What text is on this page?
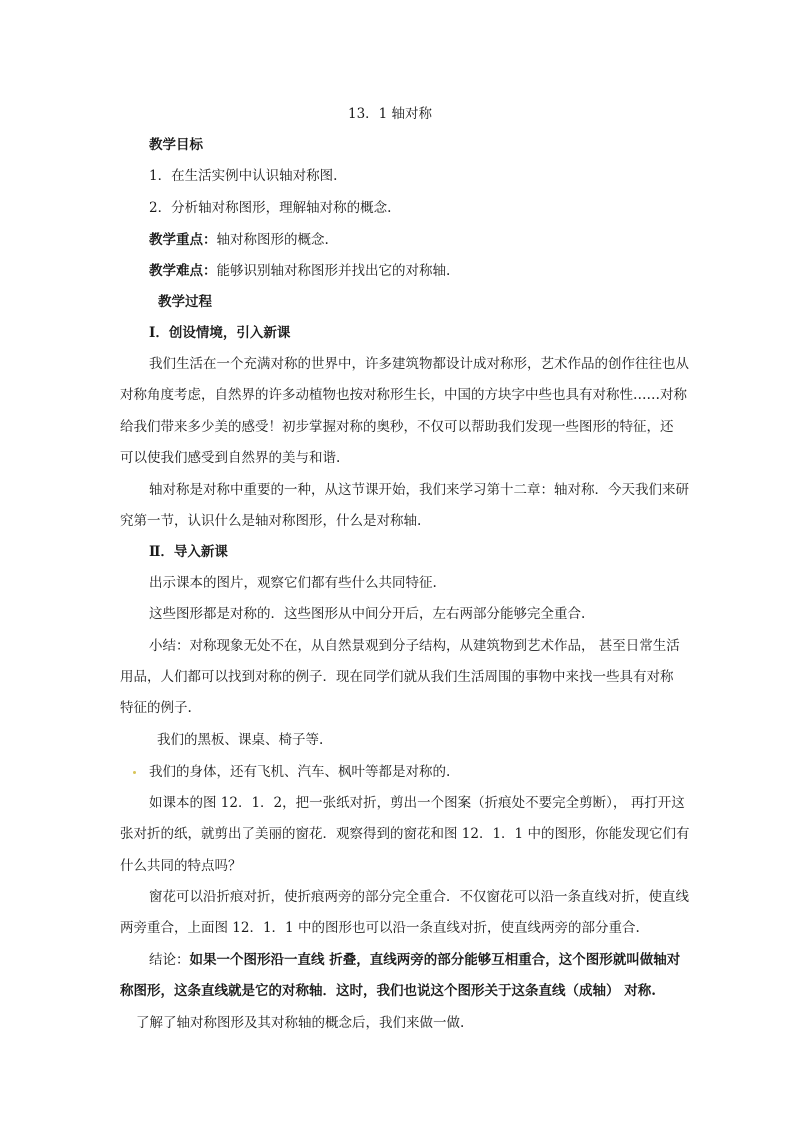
13．1 轴对称
教学目标
1．在生活实例中认识轴对称图.
2．分析轴对称图形，理解轴对称的概念.
教学重点：轴对称图形的概念.
教学难点：能够识别轴对称图形并找出它的对称轴.
教学过程
Ⅰ．创设情境，引入新课
我们生活在一个充满对称的世界中，许多建筑物都设计成对称形，艺术作品的创作往往也从
对称角度考虑，自然界的许多动植物也按对称形生长，中国的方块字中些也具有对称性……对称
给我们带来多少美的感受！初步掌握对称的奥秒，不仅可以帮助我们发现一些图形的特征，还
可以使我们感受到自然界的美与和谐.
轴对称是对称中重要的一种，从这节课开始，我们来学习第十二章：轴对称．今天我们来研
究第一节，认识什么是轴对称图形，什么是对称轴.
Ⅱ．导入新课
出示课本的图片，观察它们都有些什么共同特征.
这些图形都是对称的．这些图形从中间分开后，左右两部分能够完全重合.
小结：对称现象无处不在，从自然景观到分子结构，从建筑物到艺术作品， 甚至日常生活
用品，人们都可以找到对称的例子．现在同学们就从我们生活周围的事物中来找一些具有对称
特征的例子.
我们的黑板、课桌、椅子等.
我们的身体，还有飞机、汽车、枫叶等都是对称的.
如课本的图 12．1．2，把一张纸对折，剪出一个图案（折痕处不要完全剪断）， 再打开这
张对折的纸，就剪出了美丽的窗花．观察得到的窗花和图 12．1．1 中的图形，你能发现它们有
什么共同的特点吗？
窗花可以沿折痕对折，使折痕两旁的部分完全重合．不仅窗花可以沿一条直线对折，使直线
两旁重合，上面图 12．1．1 中的图形也可以沿一条直线对折，使直线两旁的部分重合.
结论：如果一个图形沿一直线 折叠，直线两旁的部分能够互相重合，这个图形就叫做轴对
称图形，这条直线就是它的对称轴．这时，我们也说这个图形关于这条直线（成轴） 对称.
了解了轴对称图形及其对称轴的概念后，我们来做一做.
